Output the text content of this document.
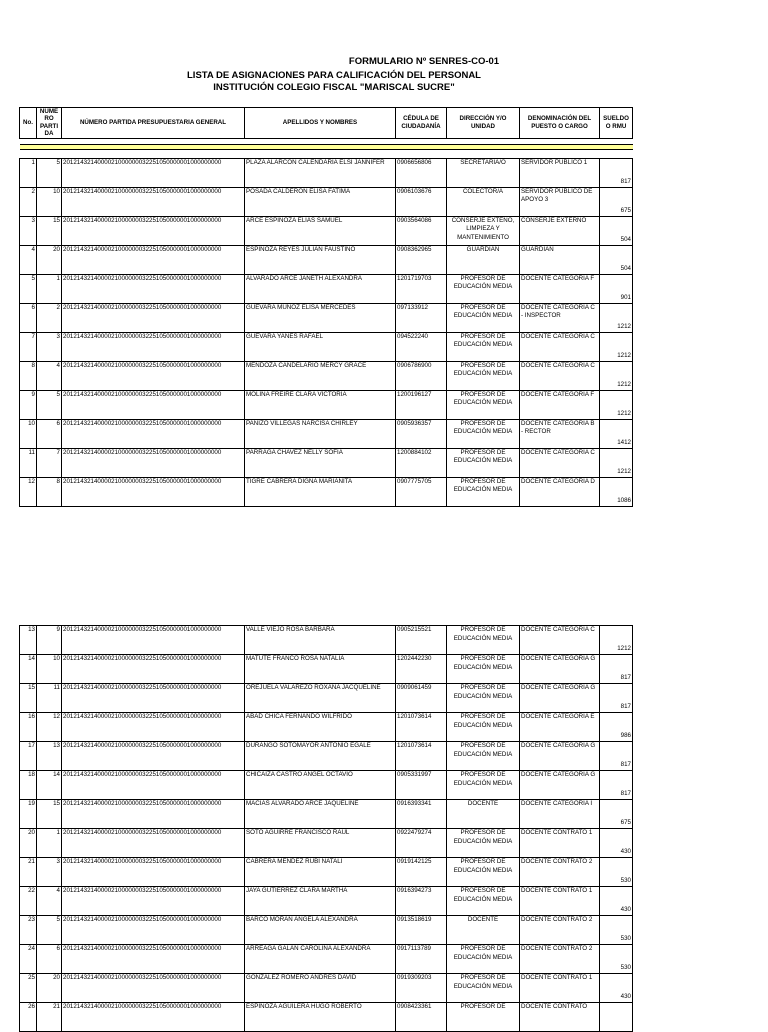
FORMULARIO Nº SENRES-CO-01
LISTA DE ASIGNACIONES PARA CALIFICACIÓN DEL PERSONAL
INSTITUCIÓN COLEGIO FISCAL "MARISCAL SUCRE"
No.	NÚME RO PARTI DA	NÚMERO PARTIDA PRESUPUESTARIA GENERAL	APELLIDOS Y NOMBRES	CÉDULA DE CIUDADANÍA	DIRECCIÓN Y/O UNIDAD	DENOMINACIÓN DEL PUESTO O CARGO	SUELDO O RMU

1	5	2012143214000021000000032251050000001000000000	PLAZA ALARCON CALENDARIA ELSI JANNIFER	0906656806	SECRETARIA/O	SERVIDOR PUBLICO 1	817
2	10	2012143214000021000000032251050000001000000000	POSADA CALDERON ELISA FATIMA	0906103676	COLECTOR/A	SERVIDOR PUBLICO DE APOYO 3	675
3	15	2012143214000021000000032251050000001000000000	ARCE ESPINOZA ELIAS SAMUEL	0903564086	CONSERJE EXTENO, LIMPIEZA Y MANTENIMIENTO	CONSERJE EXTERNO	504
4	20	2012143214000021000000032251050000001000000000	ESPINOZA REYES JULIAN FAUSTINO	0908362965	GUARDIAN	GUARDIAN	504
5	1	2012143214000021000000032251050000001000000000	ALVARADO ARCE JANETH ALEXANDRA	1201719703	PROFESOR DE EDUCACIÓN MEDIA	DOCENTE CATEGORIA F	901
6	2	2012143214000021000000032251050000001000000000	GUEVARA MUNOZ ELISA MERCEDES	097133912	PROFESOR DE EDUCACIÓN MEDIA	DOCENTE CATEGORIA C - INSPECTOR	1212
7	3	2012143214000021000000032251050000001000000000	GUEVARA YANES RAFAEL	094522240	PROFESOR DE EDUCACIÓN MEDIA	DOCENTE CATEGORIA C	1212
8	4	2012143214000021000000032251050000001000000000	MENDOZA CANDELARIO MERCY GRACE	0906786900	PROFESOR DE EDUCACIÓN MEDIA	DOCENTE CATEGORIA C	1212
9	5	2012143214000021000000032251050000001000000000	MOLINA FREIRE CLARA VICTORIA	1200196127	PROFESOR DE EDUCACIÓN MEDIA	DOCENTE CATEGORIA F	1212
10	6	2012143214000021000000032251050000001000000000	PANIZO VILLEGAS NARCISA CHIRLEY	0905936357	PROFESOR DE EDUCACIÓN MEDIA	DOCENTE CATEGORIA B - RECTOR	1412
11	7	2012143214000021000000032251050000001000000000	PARRAGA CHAVEZ NELLY SOFIA	1200884102	PROFESOR DE EDUCACIÓN MEDIA	DOCENTE CATEGORIA C	1212
12	8	2012143214000021000000032251050000001000000000	TIGRE CABRERA DIGNA MARIANITA	0907775705	PROFESOR DE EDUCACIÓN MEDIA	DOCENTE CATEGORIA D	1086
13	9	2012143214000021000000032251050000001000000000	VALLE VIEJO ROSA BARBARA	0905215521	PROFESOR DE EDUCACIÓN MEDIA	DOCENTE CATEGORIA C	1212
14	10	2012143214000021000000032251050000001000000000	MATUTE FRANCO ROSA NATALIA	1202442230	PROFESOR DE EDUCACIÓN MEDIA	DOCENTE CATEGORIA G	817
15	11	2012143214000021000000032251050000001000000000	OREJUELA VALAREZO ROXANA JACQUELINE	0909061459	PROFESOR DE EDUCACIÓN MEDIA	DOCENTE CATEGORIA G	817
16	12	2012143214000021000000032251050000001000000000	ABAD CHICA FERNANDO WILFRIDO	1201073614	PROFESOR DE EDUCACIÓN MEDIA	DOCENTE CATEGORIA E	986
17	13	2012143214000021000000032251050000001000000000	DURANGO SOTOMAYOR ANTONIO EGALE	1201073614	PROFESOR DE EDUCACIÓN MEDIA	DOCENTE CATEGORIA G	817
18	14	2012143214000021000000032251050000001000000000	CHICAIZA CASTRO ANGEL OCTAVIO	0905331997	PROFESOR DE EDUCACIÓN MEDIA	DOCENTE CATEGORIA G	817
19	15	2012143214000021000000032251050000001000000000	MACIAS ALVARADO ARCE JAQUELINE	0916393341	DOCENTE	DOCENTE CATEGORIA I	675
20	1	2012143214000021000000032251050000001000000000	SOTO AGUIRRE FRANCISCO RAUL	0922479274	PROFESOR DE EDUCACIÓN MEDIA	DOCENTE CONTRATO 1	430
21	3	2012143214000021000000032251050000001000000000	CABRERA MENDEZ RUBI NATALI	0919142125	PROFESOR DE EDUCACIÓN MEDIA	DOCENTE CONTRATO 2	530
22	4	2012143214000021000000032251050000001000000000	JAYA GUTIERREZ CLARA MARTHA	0916394273	PROFESOR DE EDUCACIÓN MEDIA	DOCENTE CONTRATO 1	430
23	5	2012143214000021000000032251050000001000000000	BARCO MORAN ANGELA ALEXANDRA	0913518619	DOCENTE	DOCENTE CONTRATO 2	530
24	6	2012143214000021000000032251050000001000000000	ARREAGA GALAN CAROLINA ALEXANDRA	0917113789	PROFESOR DE EDUCACIÓN MEDIA	DOCENTE CONTRATO 2	530
25	20	2012143214000021000000032251050000001000000000	GONZALEZ ROMERO ANDRES DAVID	0919309203	PROFESOR DE EDUCACIÓN MEDIA	DOCENTE CONTRATO 1	430
26	21	2012143214000021000000032251050000001000000000	ESPINOZA AGUILERA HUGO ROBERTO	0908423361	PROFESOR DE	DOCENTE CONTRATO	
